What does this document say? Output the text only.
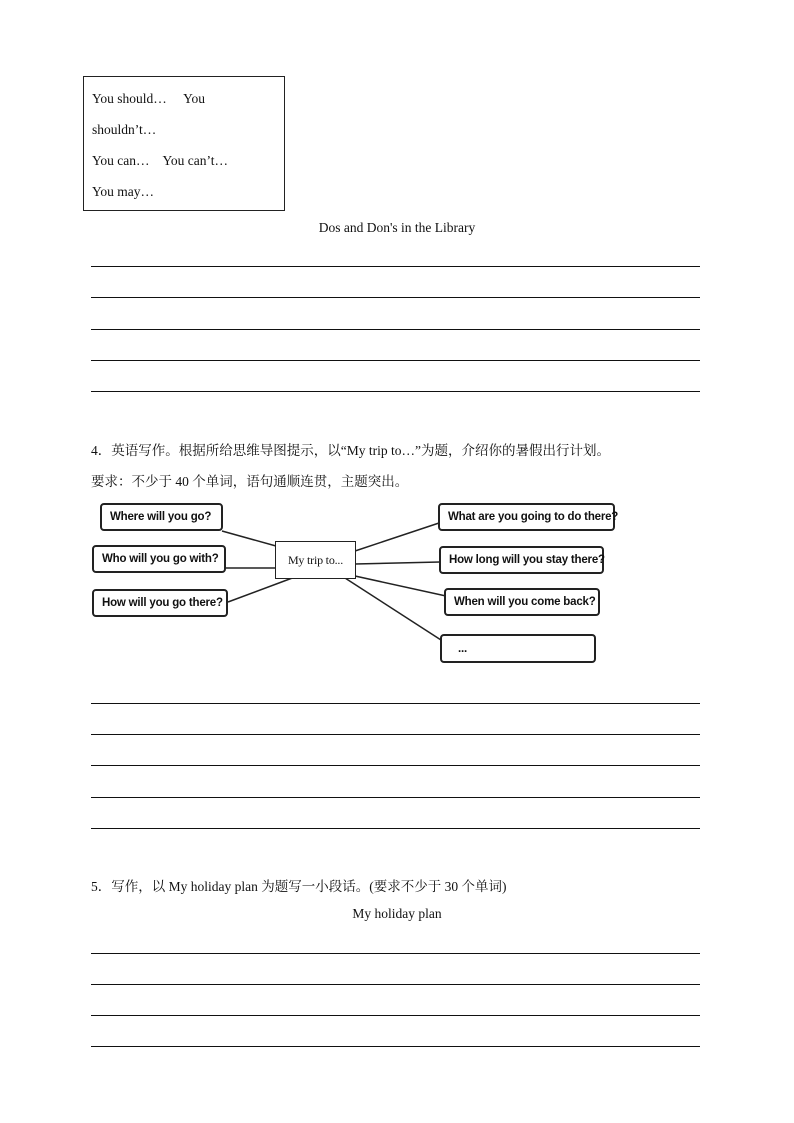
You should…     You
shouldn’t…
You can…    You can’t…
You may…
Dos and Don's in the Library
4．英语写作。根据所给思维导图提示，以“My trip to…”为题，介绍你的暑假出行计划。
要求：不少于 40 个单词，语句通顺连贯，主题突出。
My trip to...
Where will you go?
Who will you go with?
How will you go there?
What are you going to do there?
How long will you stay there?
When will you come back?
...
5．写作，以 My holiday plan 为题写一小段话。(要求不少于 30 个单词)
My holiday plan
